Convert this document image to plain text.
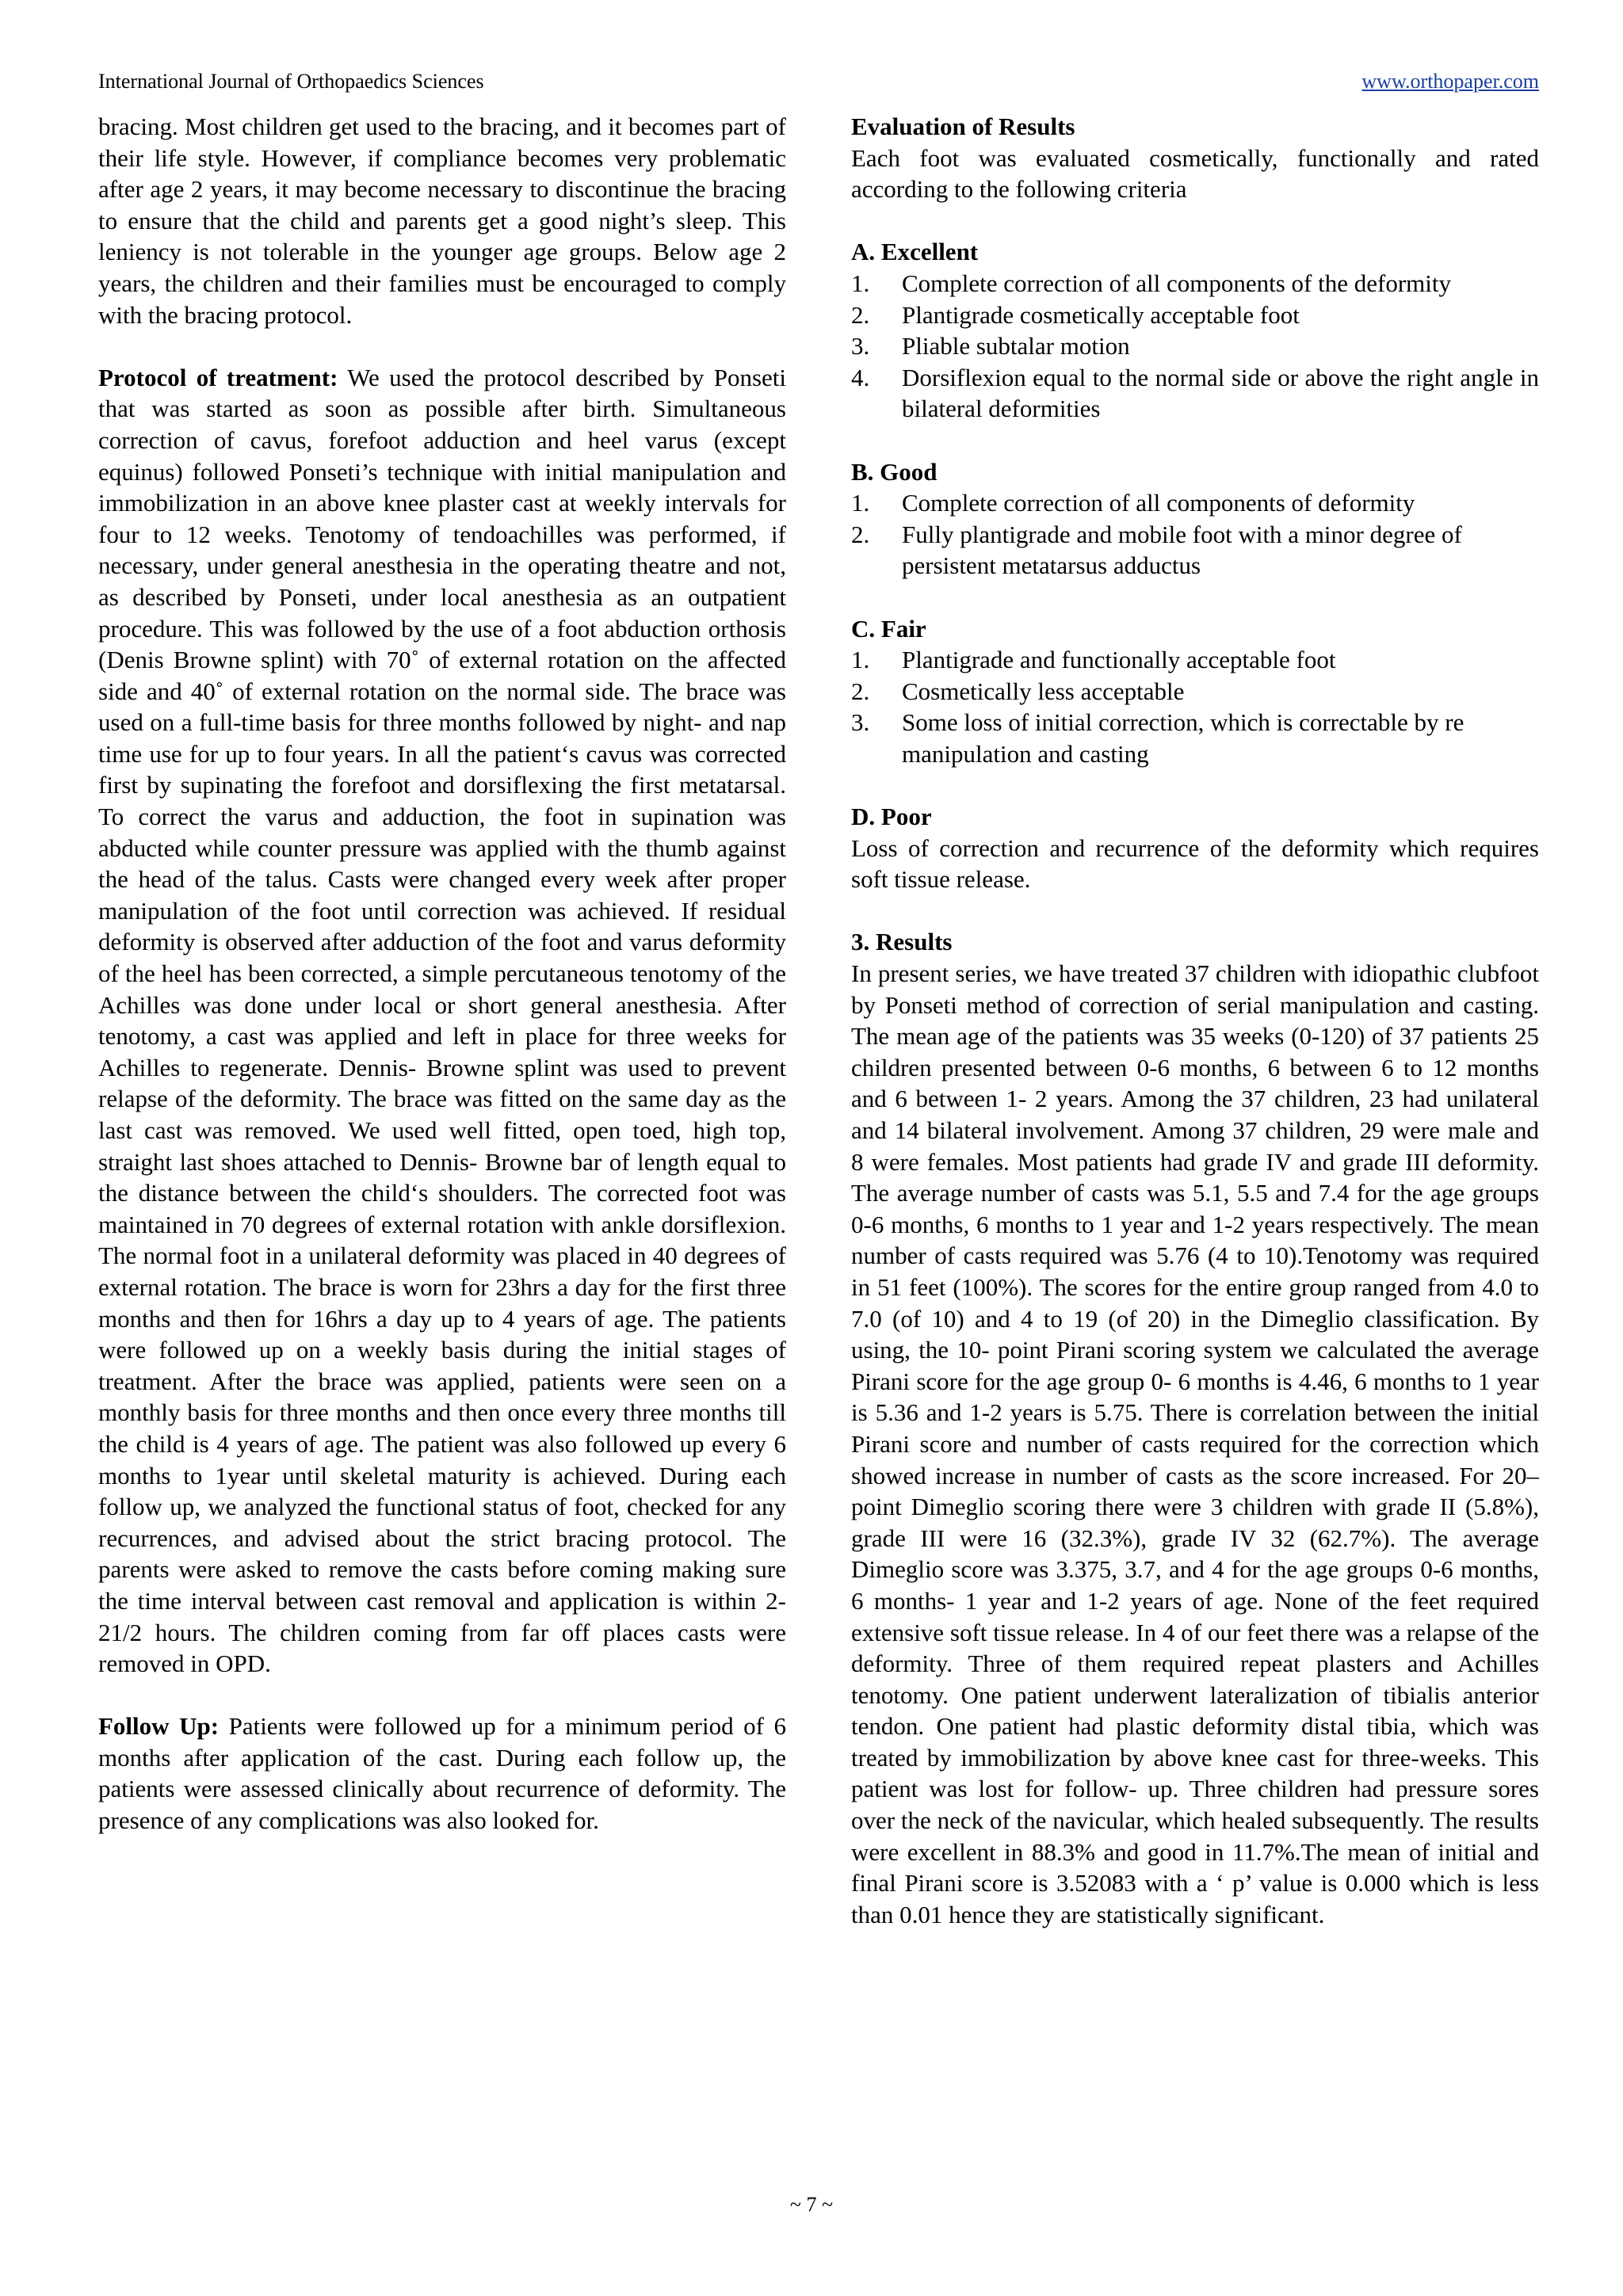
International Journal of Orthopaedics Sciences	www.orthopaper.com

bracing. Most children get used to the bracing, and it becomes part of their life style. However, if compliance becomes very problematic after age 2 years, it may become necessary to discontinue the bracing to ensure that the child and parents get a good night’s sleep. This leniency is not tolerable in the younger age groups. Below age 2 years, the children and their families must be encouraged to comply with the bracing protocol.

Protocol of treatment: We used the protocol described by Ponseti that was started as soon as possible after birth. Simultaneous correction of cavus, forefoot adduction and heel varus (except equinus) followed Ponseti’s technique with initial manipulation and immobilization in an above knee plaster cast at weekly intervals for four to 12 weeks. Tenotomy of tendoachilles was performed, if necessary, under general anesthesia in the operating theatre and not, as described by Ponseti, under local anesthesia as an outpatient procedure. This was followed by the use of a foot abduction orthosis (Denis Browne splint) with 70˚ of external rotation on the affected side and 40˚ of external rotation on the normal side. The brace was used on a full-time basis for three months followed by night- and nap time use for up to four years. In all the patient‘s cavus was corrected first by supinating the forefoot and dorsiflexing the first metatarsal. To correct the varus and adduction, the foot in supination was abducted while counter pressure was applied with the thumb against the head of the talus. Casts were changed every week after proper manipulation of the foot until correction was achieved. If residual deformity is observed after adduction of the foot and varus deformity of the heel has been corrected, a simple percutaneous tenotomy of the Achilles was done under local or short general anesthesia. After tenotomy, a cast was applied and left in place for three weeks for Achilles to regenerate. Dennis- Browne splint was used to prevent relapse of the deformity. The brace was fitted on the same day as the last cast was removed. We used well fitted, open toed, high top, straight last shoes attached to Dennis- Browne bar of length equal to the distance between the child‘s shoulders. The corrected foot was maintained in 70 degrees of external rotation with ankle dorsiflexion. The normal foot in a unilateral deformity was placed in 40 degrees of external rotation. The brace is worn for 23hrs a day for the first three months and then for 16hrs a day up to 4 years of age. The patients were followed up on a weekly basis during the initial stages of treatment. After the brace was applied, patients were seen on a monthly basis for three months and then once every three months till the child is 4 years of age. The patient was also followed up every 6 months to 1year until skeletal maturity is achieved. During each follow up, we analyzed the functional status of foot, checked for any recurrences, and advised about the strict bracing protocol. The parents were asked to remove the casts before coming making sure the time interval between cast removal and application is within 2-21/2 hours. The children coming from far off places casts were removed in OPD.

Follow Up: Patients were followed up for a minimum period of 6 months after application of the cast. During each follow up, the patients were assessed clinically about recurrence of deformity. The presence of any complications was also looked for.

Evaluation of Results

Each foot was evaluated cosmetically, functionally and rated according to the following criteria

A. Excellent
1. Complete correction of all components of the deformity
2. Plantigrade cosmetically acceptable foot
3. Pliable subtalar motion
4. Dorsiflexion equal to the normal side or above the right angle in bilateral deformities
B. Good
1. Complete correction of all components of deformity
2. Fully plantigrade and mobile foot with a minor degree of persistent metatarsus adductus
C. Fair
1. Plantigrade and functionally acceptable foot
2. Cosmetically less acceptable
3. Some loss of initial correction, which is correctable by re manipulation and casting
D. Poor

Loss of correction and recurrence of the deformity which requires soft tissue release.

3. Results

In present series, we have treated 37 children with idiopathic clubfoot by Ponseti method of correction of serial manipulation and casting. The mean age of the patients was 35 weeks (0-120) of 37 patients 25 children presented between 0-6 months, 6 between 6 to 12 months and 6 between 1- 2 years. Among the 37 children, 23 had unilateral and 14 bilateral involvement. Among 37 children, 29 were male and 8 were females. Most patients had grade IV and grade III deformity. The average number of casts was 5.1, 5.5 and 7.4 for the age groups 0-6 months, 6 months to 1 year and 1-2 years respectively. The mean number of casts required was 5.76 (4 to 10).Tenotomy was required in 51 feet (100%). The scores for the entire group ranged from 4.0 to 7.0 (of 10) and 4 to 19 (of 20) in the Dimeglio classification. By using, the 10- point Pirani scoring system we calculated the average Pirani score for the age group 0- 6 months is 4.46, 6 months to 1 year is 5.36 and 1-2 years is 5.75. There is correlation between the initial Pirani score and number of casts required for the correction which showed increase in number of casts as the score increased. For 20–point Dimeglio scoring there were 3 children with grade II (5.8%), grade III were 16 (32.3%), grade IV 32 (62.7%). The average Dimeglio score was 3.375, 3.7, and 4 for the age groups 0-6 months, 6 months- 1 year and 1-2 years of age. None of the feet required extensive soft tissue release. In 4 of our feet there was a relapse of the deformity. Three of them required repeat plasters and Achilles tenotomy. One patient underwent lateralization of tibialis anterior tendon. One patient had plastic deformity distal tibia, which was treated by immobilization by above knee cast for three-weeks. This patient was lost for follow- up. Three children had pressure sores over the neck of the navicular, which healed subsequently. The results were excellent in 88.3% and good in 11.7%.The mean of initial and final Pirani score is 3.52083 with a ‘ p’ value is 0.000 which is less than 0.01 hence they are statistically significant.

~ 7 ~
